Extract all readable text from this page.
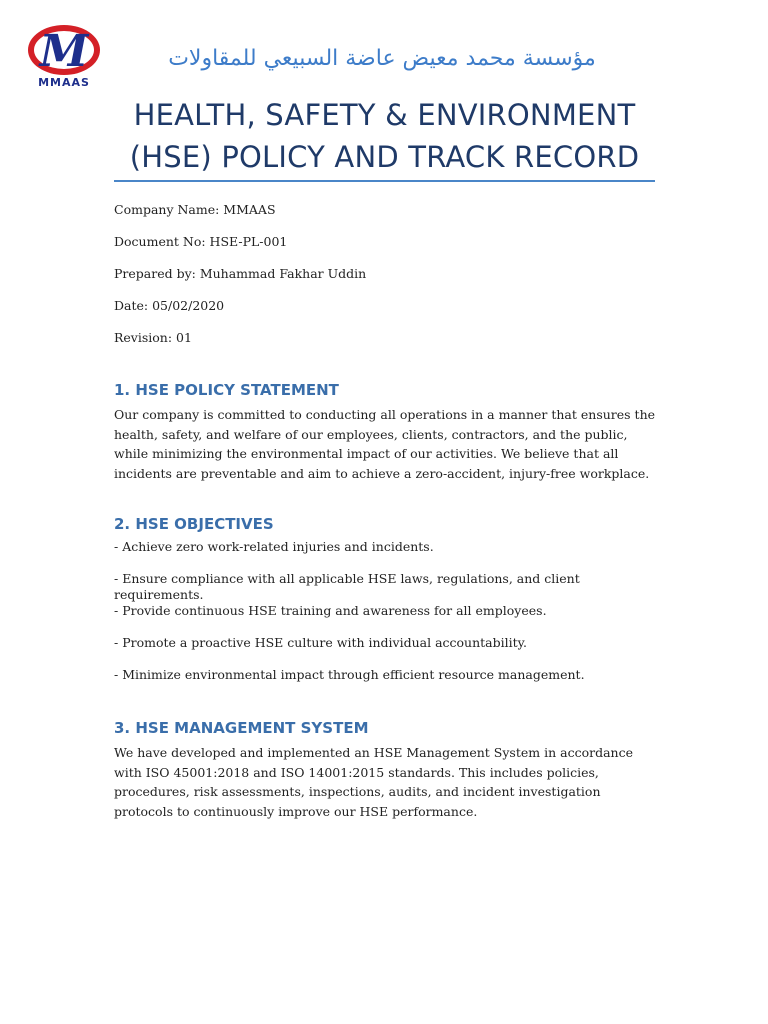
M
MMAAS
مؤسسة محمد معيض عاضة السبيعي للمقاولات
HEALTH, SAFETY & ENVIRONMENT
(HSE) POLICY AND TRACK RECORD
Company Name: MMAAS
Document No: HSE-PL-001
Prepared by: Muhammad Fakhar Uddin
Date: 05/02/2020
Revision: 01
1. HSE POLICY STATEMENT

Our company is committed to conducting all operations in a manner that ensures the health, safety, and welfare of our employees, clients, contractors, and the public, while minimizing the environmental impact of our activities. We believe that all incidents are preventable and aim to achieve a zero-accident, injury-free workplace.

2. HSE OBJECTIVES
- Achieve zero work-related injuries and incidents.
- Ensure compliance with all applicable HSE laws, regulations, and client requirements.
- Provide continuous HSE training and awareness for all employees.
- Promote a proactive HSE culture with individual accountability.
- Minimize environmental impact through efficient resource management.
3. HSE MANAGEMENT SYSTEM

We have developed and implemented an HSE Management System in accordance with ISO 45001:2018 and ISO 14001:2015 standards. This includes policies, procedures, risk assessments, inspections, audits, and incident investigation protocols to continuously improve our HSE performance.
